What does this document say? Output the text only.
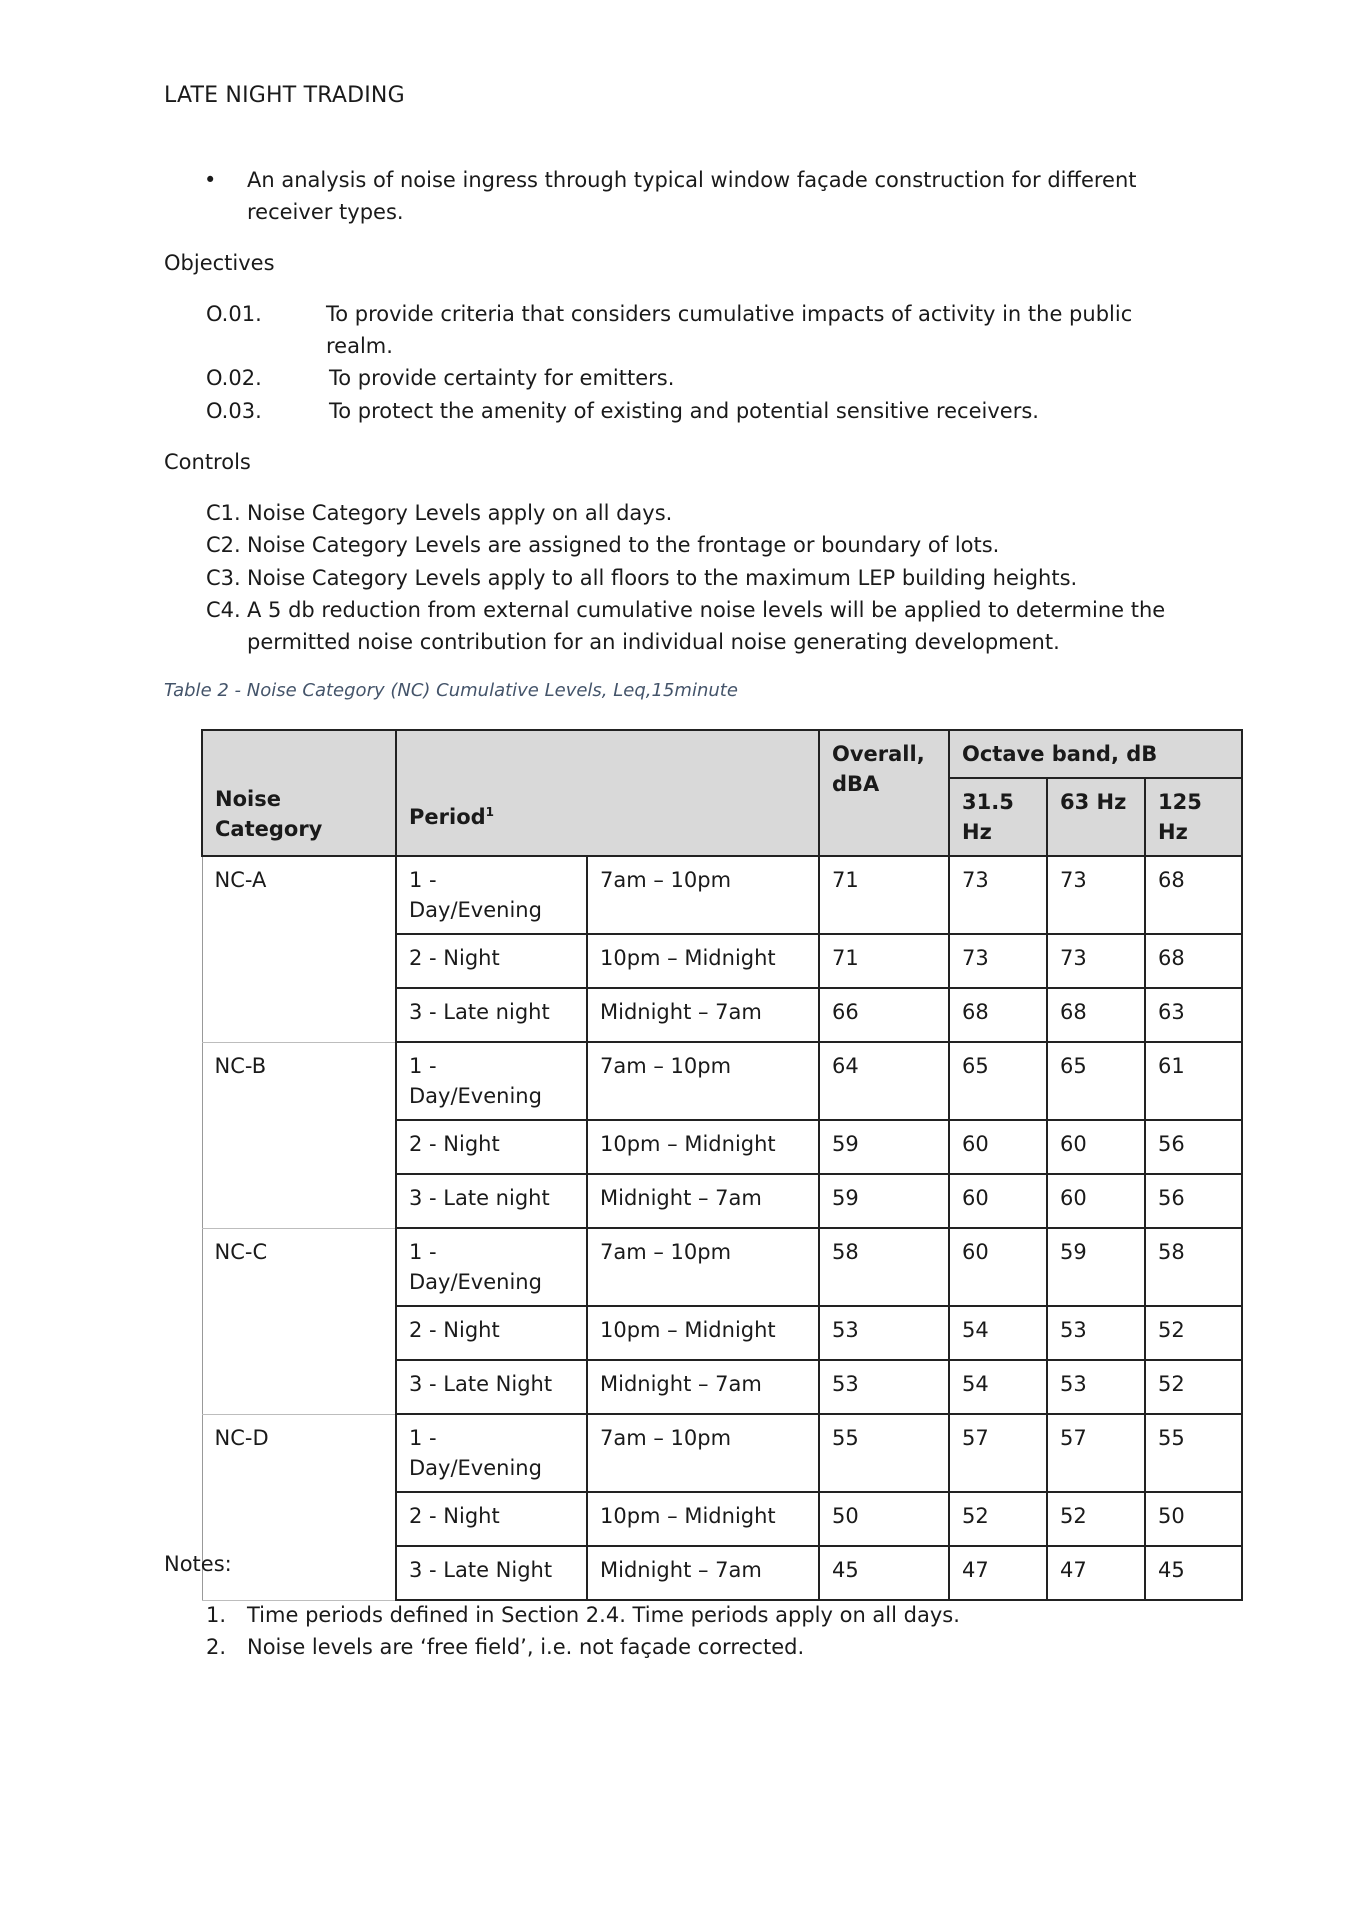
LATE NIGHT TRADING
• An analysis of noise ingress through typical window façade construction for different receiver types.
Objectives
O.01.	To provide criteria that considers cumulative impacts of activity in the public realm.
O.02.	To provide certainty for emitters.
O.03.	To protect the amenity of existing and potential sensitive receivers.
Controls
C1. Noise Category Levels apply on all days.
C2. Noise Category Levels are assigned to the frontage or boundary of lots.
C3. Noise Category Levels apply to all floors to the maximum LEP building heights.
C4. A 5 db reduction from external cumulative noise levels will be applied to determine the permitted noise contribution for an individual noise generating development.
Table 2 - Noise Category (NC) Cumulative Levels, Leq,15minute
Noise Category	Period$^1$		Overall, dBA	Octave band, dB		
				31.5 Hz	63 Hz	125 Hz
NC-A	1 - Day/Evening	7am – 10pm	71	73	73	68
	2 - Night	10pm – Midnight	71	73	73	68
	3 - Late night	Midnight – 7am	66	68	68	63
NC-B	1 - Day/Evening	7am – 10pm	64	65	65	61
	2 - Night	10pm – Midnight	59	60	60	56
	3 - Late night	Midnight – 7am	59	60	60	56
NC-C	1 - Day/Evening	7am – 10pm	58	60	59	58
	2 - Night	10pm – Midnight	53	54	53	52
	3 - Late Night	Midnight – 7am	53	54	53	52
NC-D	1 - Day/Evening	7am – 10pm	55	57	57	55
	2 - Night	10pm – Midnight	50	52	52	50
	3 - Late Night	Midnight – 7am	45	47	47	45
Notes:
1. Time periods defined in Section 2.4. Time periods apply on all days.
2. Noise levels are ‘free field’, i.e. not façade corrected.
